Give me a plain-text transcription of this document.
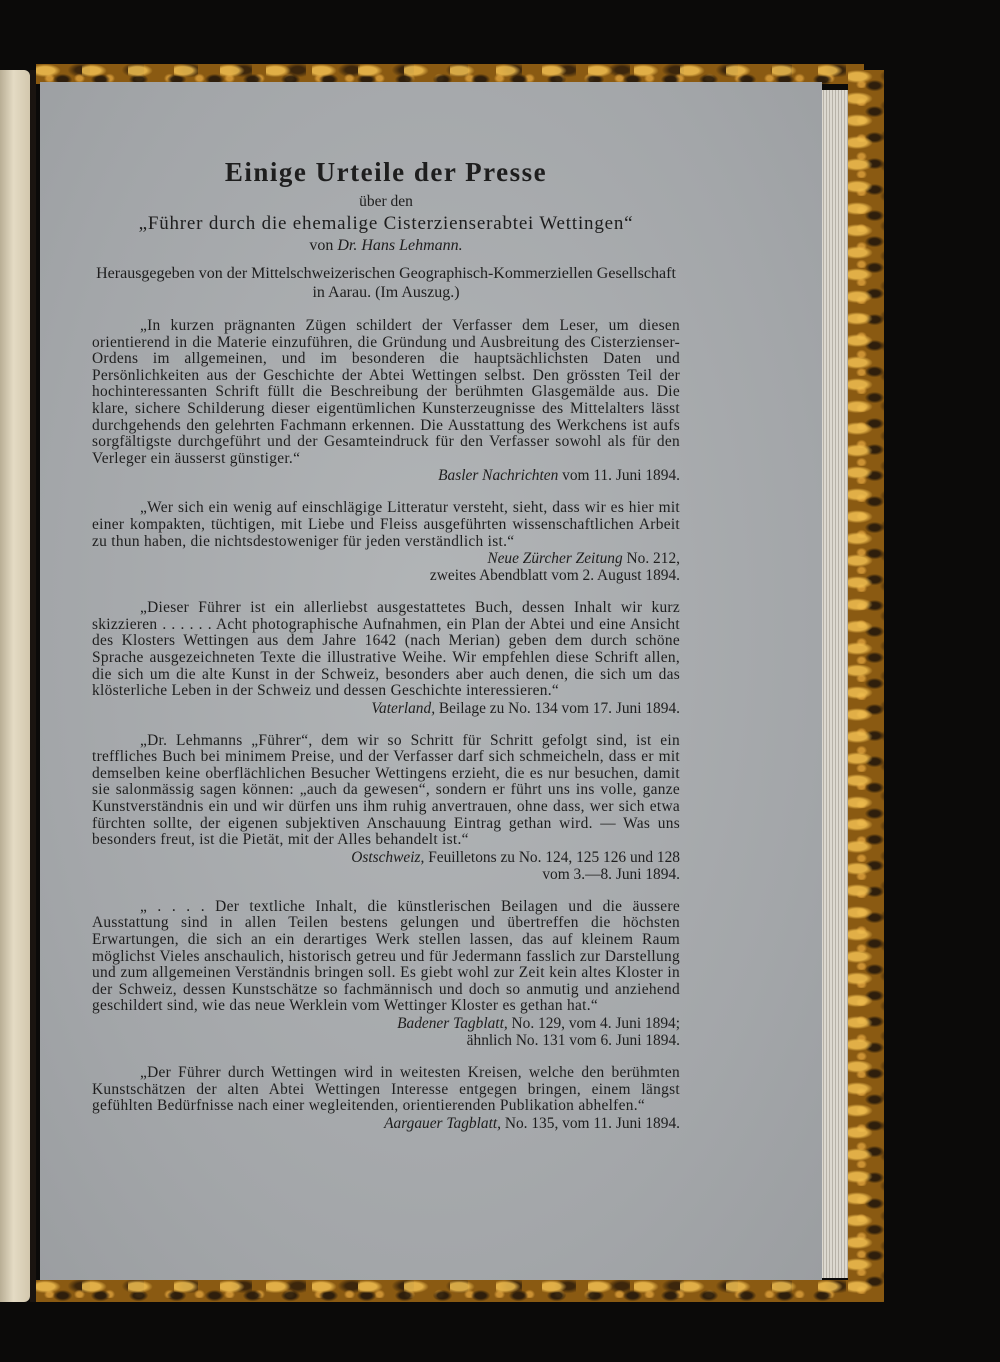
Einige Urteile der Presse
über den
„Führer durch die ehemalige Cisterzienserabtei Wettingen“
von Dr. Hans Lehmann.
Herausgegeben von der Mittelschweizerischen Geographisch-Kommerziellen Gesellschaft in Aarau. (Im Auszug.)

„In kurzen prägnanten Zügen schildert der Verfasser dem Leser, um diesen orientierend in die Materie einzuführen, die Gründung und Ausbreitung des Cisterzienser-Ordens im allgemeinen, und im besonderen die hauptsächlichsten Daten und Persönlichkeiten aus der Geschichte der Abtei Wettingen selbst. Den grössten Teil der hochinteressanten Schrift füllt die Beschreibung der berühmten Glasgemälde aus. Die klare, sichere Schilderung dieser eigentümlichen Kunsterzeugnisse des Mittelalters lässt durchgehends den gelehrten Fachmann erkennen. Die Ausstattung des Werkchens ist aufs sorgfältigste durchgeführt und der Gesamteindruck für den Verfasser sowohl als für den Verleger ein äusserst günstiger.“

Basler Nachrichten vom 11. Juni 1894.

„Wer sich ein wenig auf einschlägige Litteratur versteht, sieht, dass wir es hier mit einer kompakten, tüchtigen, mit Liebe und Fleiss ausgeführten wissenschaftlichen Arbeit zu thun haben, die nichtsdestoweniger für jeden verständlich ist.“

Neue Zürcher Zeitung No. 212,
zweites Abendblatt vom 2. August 1894.

„Dieser Führer ist ein allerliebst ausgestattetes Buch, dessen Inhalt wir kurz skizzieren . . . . . . Acht photographische Aufnahmen, ein Plan der Abtei und eine Ansicht des Klosters Wettingen aus dem Jahre 1642 (nach Merian) geben dem durch schöne Sprache ausgezeichneten Texte die illustrative Weihe. Wir empfehlen diese Schrift allen, die sich um die alte Kunst in der Schweiz, besonders aber auch denen, die sich um das klösterliche Leben in der Schweiz und dessen Geschichte interessieren.“

Vaterland, Beilage zu No. 134 vom 17. Juni 1894.

„Dr. Lehmanns „Führer“, dem wir so Schritt für Schritt gefolgt sind, ist ein treffliches Buch bei minimem Preise, und der Verfasser darf sich schmeicheln, dass er mit demselben keine oberflächlichen Besucher Wettingens erzieht, die es nur besuchen, damit sie salonmässig sagen können: „auch da gewesen“, sondern er führt uns ins volle, ganze Kunstverständnis ein und wir dürfen uns ihm ruhig anvertrauen, ohne dass, wer sich etwa fürchten sollte, der eigenen subjektiven Anschauung Eintrag gethan wird. — Was uns besonders freut, ist die Pietät, mit der Alles behandelt ist.“

Ostschweiz, Feuilletons zu No. 124, 125 126 und 128
vom 3.—8. Juni 1894.

„ . . . . Der textliche Inhalt, die künstlerischen Beilagen und die äussere Ausstattung sind in allen Teilen bestens gelungen und übertreffen die höchsten Erwartungen, die sich an ein derartiges Werk stellen lassen, das auf kleinem Raum möglichst Vieles anschaulich, historisch getreu und für Jedermann fasslich zur Darstellung und zum allgemeinen Verständnis bringen soll. Es giebt wohl zur Zeit kein altes Kloster in der Schweiz, dessen Kunstschätze so fachmännisch und doch so anmutig und anziehend geschildert sind, wie das neue Werklein vom Wettinger Kloster es gethan hat.“

Badener Tagblatt, No. 129, vom 4. Juni 1894;
ähnlich No. 131 vom 6. Juni 1894.

„Der Führer durch Wettingen wird in weitesten Kreisen, welche den berühmten Kunstschätzen der alten Abtei Wettingen Interesse entgegen bringen, einem längst gefühlten Bedürfnisse nach einer wegleitenden, orientierenden Publikation abhelfen.“

Aargauer Tagblatt, No. 135, vom 11. Juni 1894.
